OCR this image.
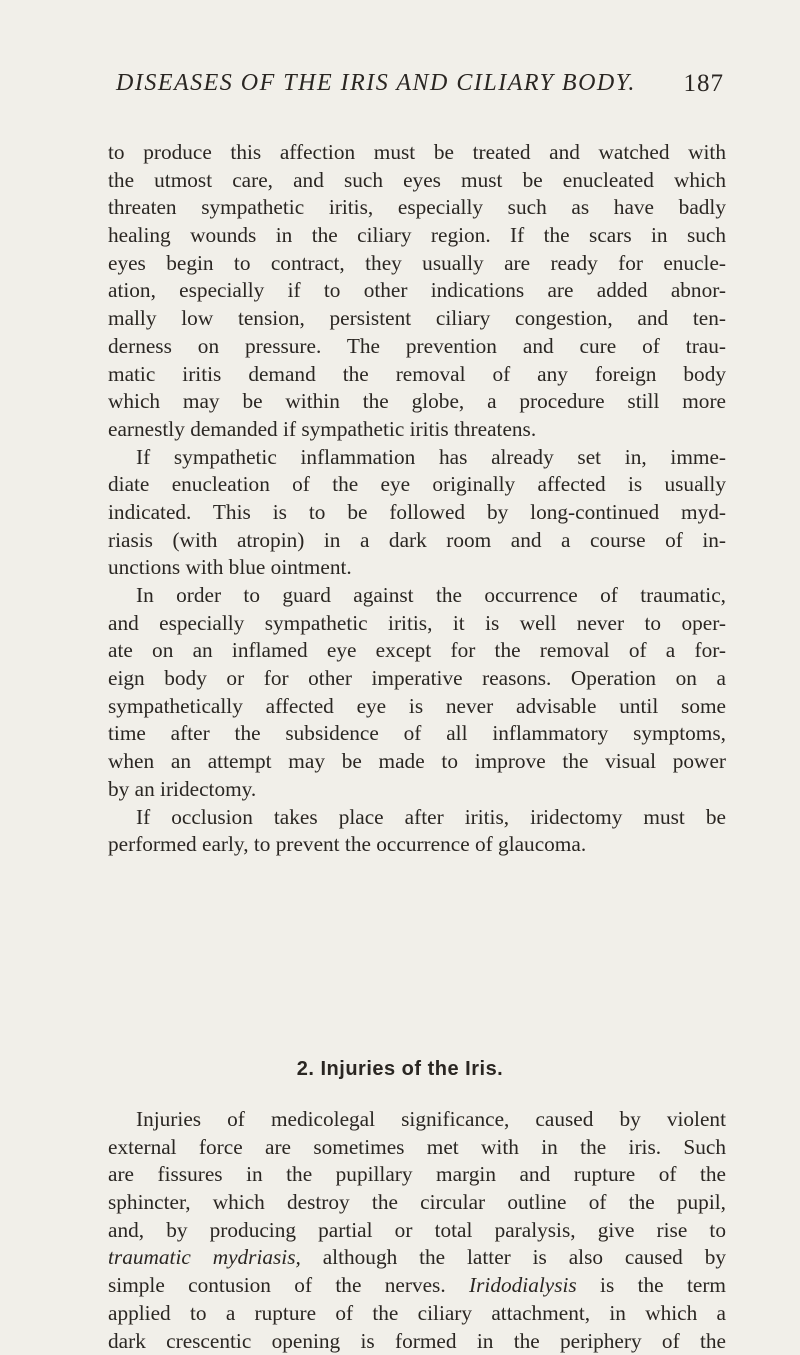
DISEASES OF THE IRIS AND CILIARY BODY. 187
to produce this affection must be treated and watched with
the utmost care, and such eyes must be enucleated which
threaten sympathetic iritis, especially such as have badly
healing wounds in the ciliary region. If the scars in such
eyes begin to contract, they usually are ready for enucle-
ation, especially if to other indications are added abnor-
mally low tension, persistent ciliary congestion, and ten-
derness on pressure. The prevention and cure of trau-
matic iritis demand the removal of any foreign body
which may be within the globe, a procedure still more
earnestly demanded if sympathetic iritis threatens.
If sympathetic inflammation has already set in, imme-
diate enucleation of the eye originally affected is usually
indicated. This is to be followed by long-continued myd-
riasis (with atropin) in a dark room and a course of in-
unctions with blue ointment.
In order to guard against the occurrence of traumatic,
and especially sympathetic iritis, it is well never to oper-
ate on an inflamed eye except for the removal of a for-
eign body or for other imperative reasons. Operation on a
sympathetically affected eye is never advisable until some
time after the subsidence of all inflammatory symptoms,
when an attempt may be made to improve the visual power
by an iridectomy.
If occlusion takes place after iritis, iridectomy must be
performed early, to prevent the occurrence of glaucoma.
2. Injuries of the Iris.
Injuries of medicolegal significance, caused by violent
external force are sometimes met with in the iris. Such
are fissures in the pupillary margin and rupture of the
sphincter, which destroy the circular outline of the pupil,
and, by producing partial or total paralysis, give rise to
traumatic mydriasis, although the latter is also caused by
simple contusion of the nerves. Iridodialysis is the term
applied to a rupture of the ciliary attachment, in which a
dark crescentic opening is formed in the periphery of the
